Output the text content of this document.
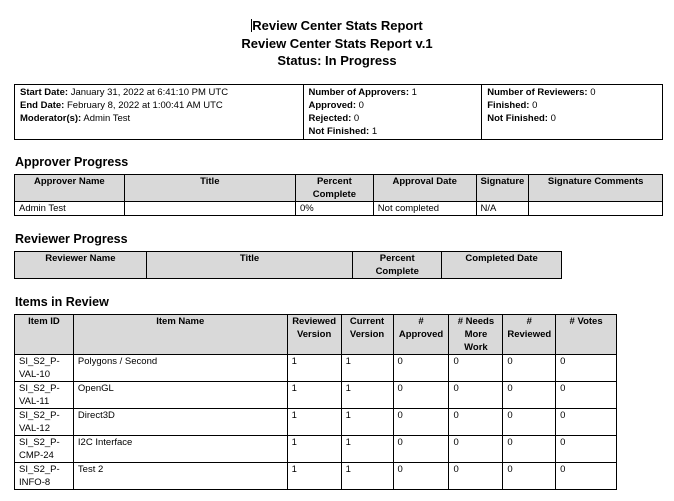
Review Center Stats Report
Review Center Stats Report v.1
Status: In Progress
Start Date: January 31, 2022 at 6:41:10 PM UTC
End Date: February 8, 2022 at 1:00:41 AM UTC
Moderator(s): Admin Test

Number of Approvers: 1
Approved: 0
Rejected: 0
Not Finished: 1

Number of Reviewers: 0
Finished: 0
Not Finished: 0
Approver Progress
Approver Name	Title	Percent Complete	Approval Date	Signature	Signature Comments
Admin Test		0%	Not completed	N/A	
Reviewer Progress
Reviewer Name	Title	Percent Complete	Completed Date
Items in Review
Item ID	Item Name	Reviewed Version	Current Version	# Approved	# Needs More Work	# Reviewed	# Votes
SI_S2_P-VAL-10	Polygons / Second	1	1	0	0	0	0
SI_S2_P-VAL-11	OpenGL	1	1	0	0	0	0
SI_S2_P-VAL-12	Direct3D	1	1	0	0	0	0
SI_S2_P-CMP-24	I2C Interface	1	1	0	0	0	0
SI_S2_P-INFO-8	Test 2	1	1	0	0	0	0
